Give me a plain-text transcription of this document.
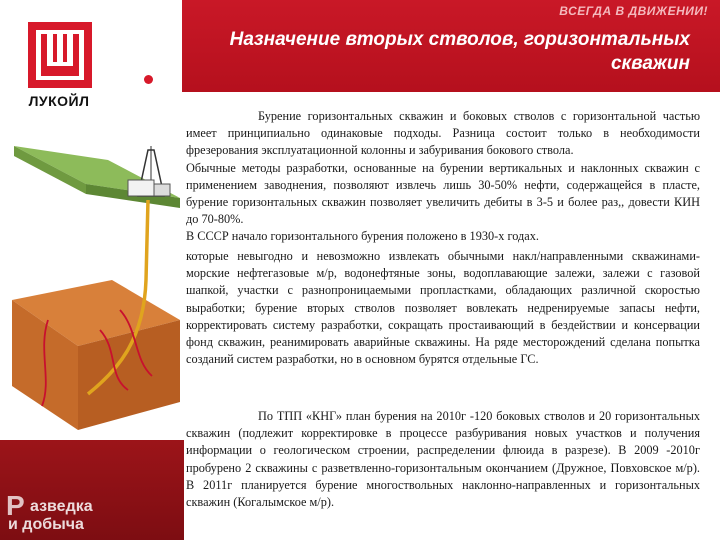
ВСЕГДА В ДВИЖЕНИИ!
Назначение вторых стволов, горизонтальных
скважин
ЛУКОЙЛ
Р азведка
и добыча

Бурение горизонтальных скважин и боковых стволов с горизонтальной частью имеет принципиально одинаковые подходы. Разница состоит только в необходимости фрезерования эксплуатационной колонны и забуривания бокового ствола.

Обычные методы разработки, основанные на бурении вертикальных и наклонных скважин с применением заводнения, позволяют извлечь лишь 30-50% нефти, содержащейся в пласте, бурение горизонтальных скважин позволяет увеличить дебиты в 3-5 и более раз,, довести КИН до 70-80%.

В СССР начало горизонтального бурения положено в 1930-х годах.

которые невыгодно и невозможно извлекать обычными накл/направленными скважинами- морские нефтегазовые м/р, водонефтяные зоны, водоплавающие залежи, залежи с газовой шапкой, участки с разнопроницаемыми пропластками, обладающих различной скоростью выработки; бурение вторых стволов позволяет вовлекать недренируемые запасы нефти, корректировать систему разработки, сокращать простаивающий в бездействии и консервации фонд скважин, реанимировать аварийные скважины. На ряде месторождений сделана попытка созданий систем разработки, но в основном бурятся отдельные ГС.

По ТПП «КНГ» план бурения на 2010г -120 боковых стволов и 20 горизонтальных скважин (подлежит корректировке в процессе разбуривания новых участков и получения информации о геологическом строении, распределении флюида в разрезе). В 2009 -2010г пробурено 2 скважины с разветвленно-горизонтальным окончанием (Дружное, Повховское м/р). В 2011г планируется бурение многоствольных наклонно-направленных и горизонтальных скважин (Когалымское м/р).
